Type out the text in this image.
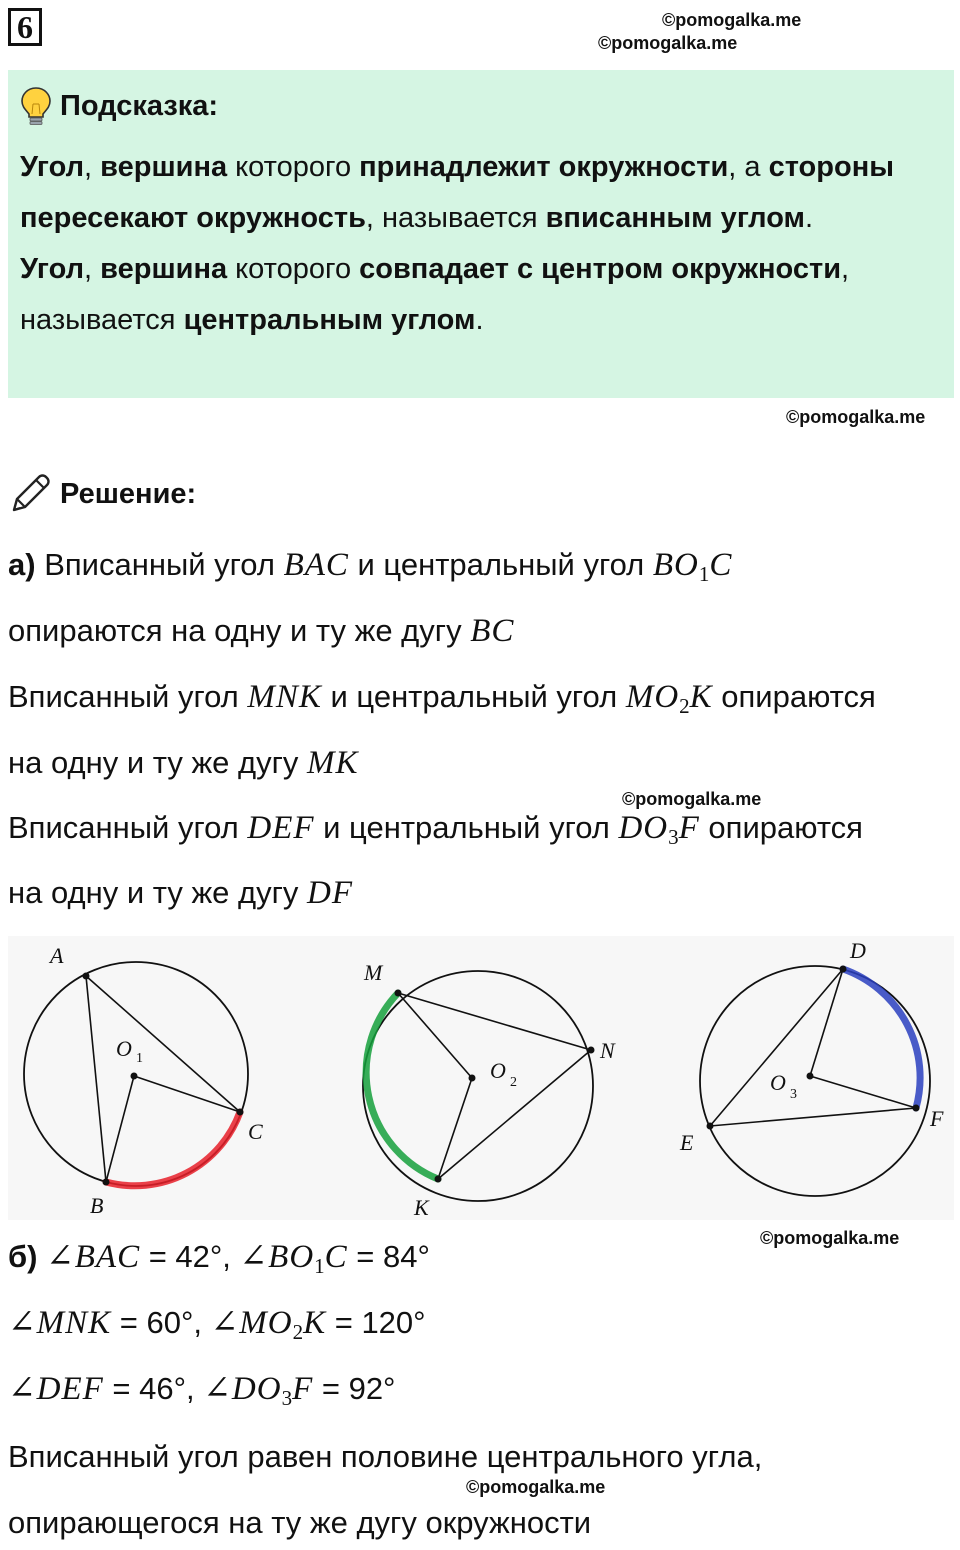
6	©pomogalka.me
©pomogalka.me
Подсказка:

Угол, вершина которого принадлежит окружности, а стороны пересекают окружность, называется вписанным углом.

Угол, вершина которого совпадает с центром окружности, называется центральным углом.

©pomogalka.me
Решение:
а) Вписанный угол BAC и центральный угол $BO_1C$
опираются на одну и ту же дугу BC
Вписанный угол MNK и центральный угол $MO_2K$ опираются
на одну и ту же дугу MK
©pomogalka.me
Вписанный угол DEF и центральный угол $DO_3F$ опираются
на одну и ту же дугу DF
A
B
C
O 1
M
N
K
O 2
D
E
F
O 3
©pomogalka.me
б) ∠BAC = 42°, $\angle BO_1C = 84^\circ$
∠MNK = 60°, $\angle MO_2K = 120^\circ$
∠DEF = 46°, $\angle DO_3F = 92^\circ$
Вписанный угол равен половине центрального угла,
©pomogalka.me
опирающегося на ту же дугу окружности
